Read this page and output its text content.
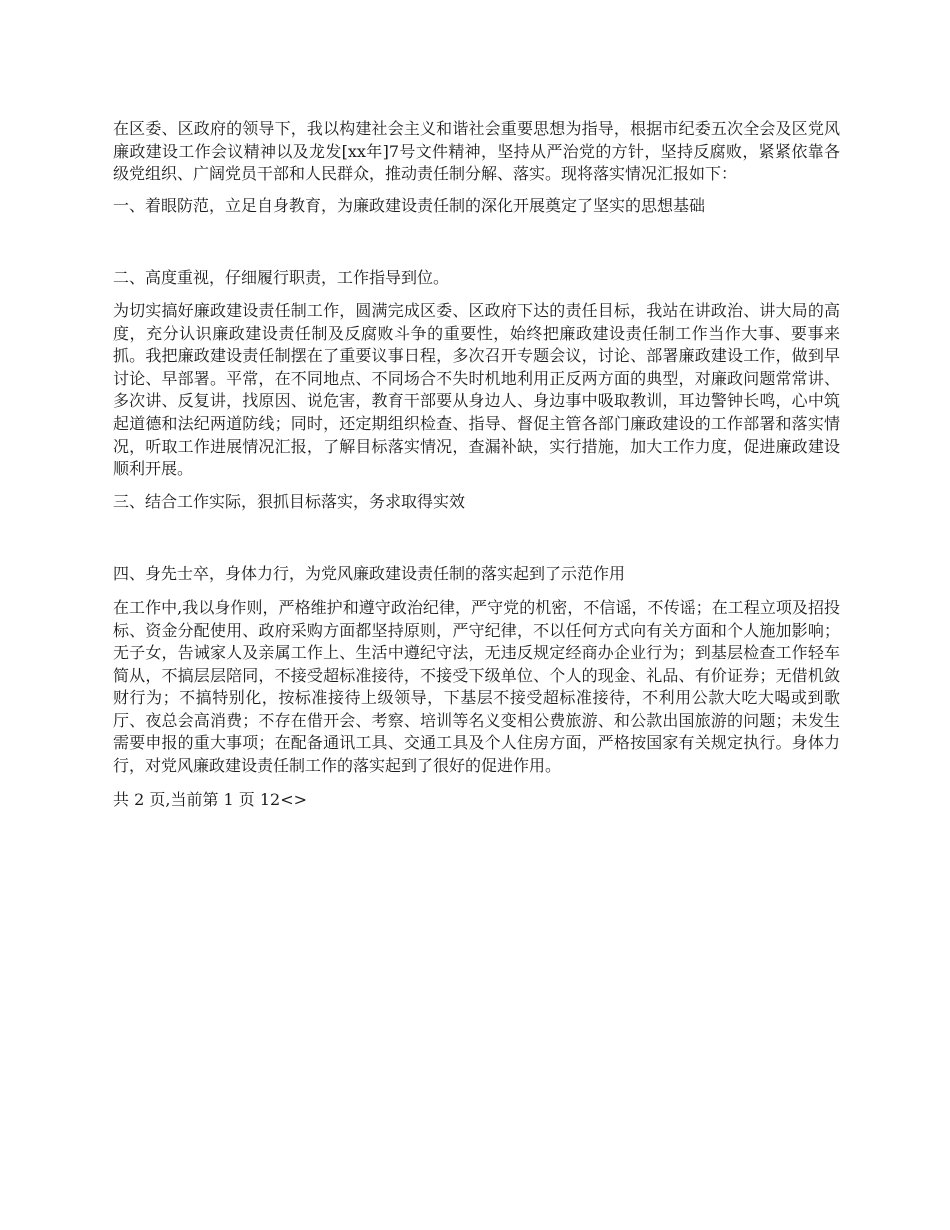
在区委、区政府的领导下，我以构建社会主义和谐社会重要思想为指导，根据市纪委五次全会及区党风廉政建设工作会议精神以及龙发[xx年]7号文件精神，坚持从严治党的方针，坚持反腐败，紧紧依靠各级党组织、广阔党员干部和人民群众，推动责任制分解、落实。现将落实情况汇报如下：

一、着眼防范，立足自身教育，为廉政建设责任制的深化开展奠定了坚实的思想基础

二、高度重视，仔细履行职责，工作指导到位。

为切实搞好廉政建设责任制工作，圆满完成区委、区政府下达的责任目标，我站在讲政治、讲大局的高度，充分认识廉政建设责任制及反腐败斗争的重要性，始终把廉政建设责任制工作当作大事、要事来抓。我把廉政建设责任制摆在了重要议事日程，多次召开专题会议，讨论、部署廉政建设工作，做到早讨论、早部署。平常，在不同地点、不同场合不失时机地利用正反两方面的典型，对廉政问题常常讲、多次讲、反复讲，找原因、说危害，教育干部要从身边人、身边事中吸取教训，耳边警钟长鸣，心中筑起道德和法纪两道防线；同时，还定期组织检查、指导、督促主管各部门廉政建设的工作部署和落实情况，听取工作进展情况汇报，了解目标落实情况，查漏补缺，实行措施，加大工作力度，促进廉政建设顺利开展。

三、结合工作实际，狠抓目标落实，务求取得实效

四、身先士卒，身体力行，为党风廉政建设责任制的落实起到了示范作用

在工作中,我以身作则，严格维护和遵守政治纪律，严守党的机密，不信谣，不传谣；在工程立项及招投标、资金分配使用、政府采购方面都坚持原则，严守纪律，不以任何方式向有关方面和个人施加影响；无子女，告诫家人及亲属工作上、生活中遵纪守法，无违反规定经商办企业行为；到基层检查工作轻车简从，不搞层层陪同，不接受超标准接待，不接受下级单位、个人的现金、礼品、有价证券；无借机敛财行为；不搞特别化，按标准接待上级领导，下基层不接受超标准接待，不利用公款大吃大喝或到歌厅、夜总会高消费；不存在借开会、考察、培训等名义变相公费旅游、和公款出国旅游的问题；未发生需要申报的重大事项；在配备通讯工具、交通工具及个人住房方面，严格按国家有关规定执行。身体力行，对党风廉政建设责任制工作的落实起到了很好的促进作用。

共 2 页,当前第 1 页 12<>
